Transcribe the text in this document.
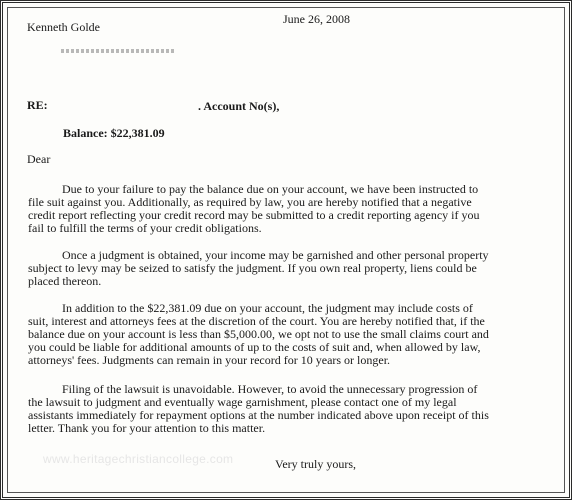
Kenneth Golde
June 26, 2008
RE:	. Account No(s),
Balance: $22,381.09
Dear
Due to your failure to pay the balance due on your account, we have been instructed to
file suit against you. Additionally, as required by law, you are hereby notified that a negative
credit report reflecting your credit record may be submitted to a credit reporting agency if you
fail to fulfill the terms of your credit obligations.
Once a judgment is obtained, your income may be garnished and other personal property
subject to levy may be seized to satisfy the judgment. If you own real property, liens could be
placed thereon.
In addition to the $22,381.09 due on your account, the judgment may include costs of
suit, interest and attorneys fees at the discretion of the court. You are hereby notified that, if the
balance due on your account is less than $5,000.00, we opt not to use the small claims court and
you could be liable for additional amounts of up to the costs of suit and, when allowed by law,
attorneys' fees. Judgments can remain in your record for 10 years or longer.
Filing of the lawsuit is unavoidable. However, to avoid the unnecessary progression of
the lawsuit to judgment and eventually wage garnishment, please contact one of my legal
assistants immediately for repayment options at the number indicated above upon receipt of this
letter. Thank you for your attention to this matter.
www.heritagechristiancollege.com	Very truly yours,
